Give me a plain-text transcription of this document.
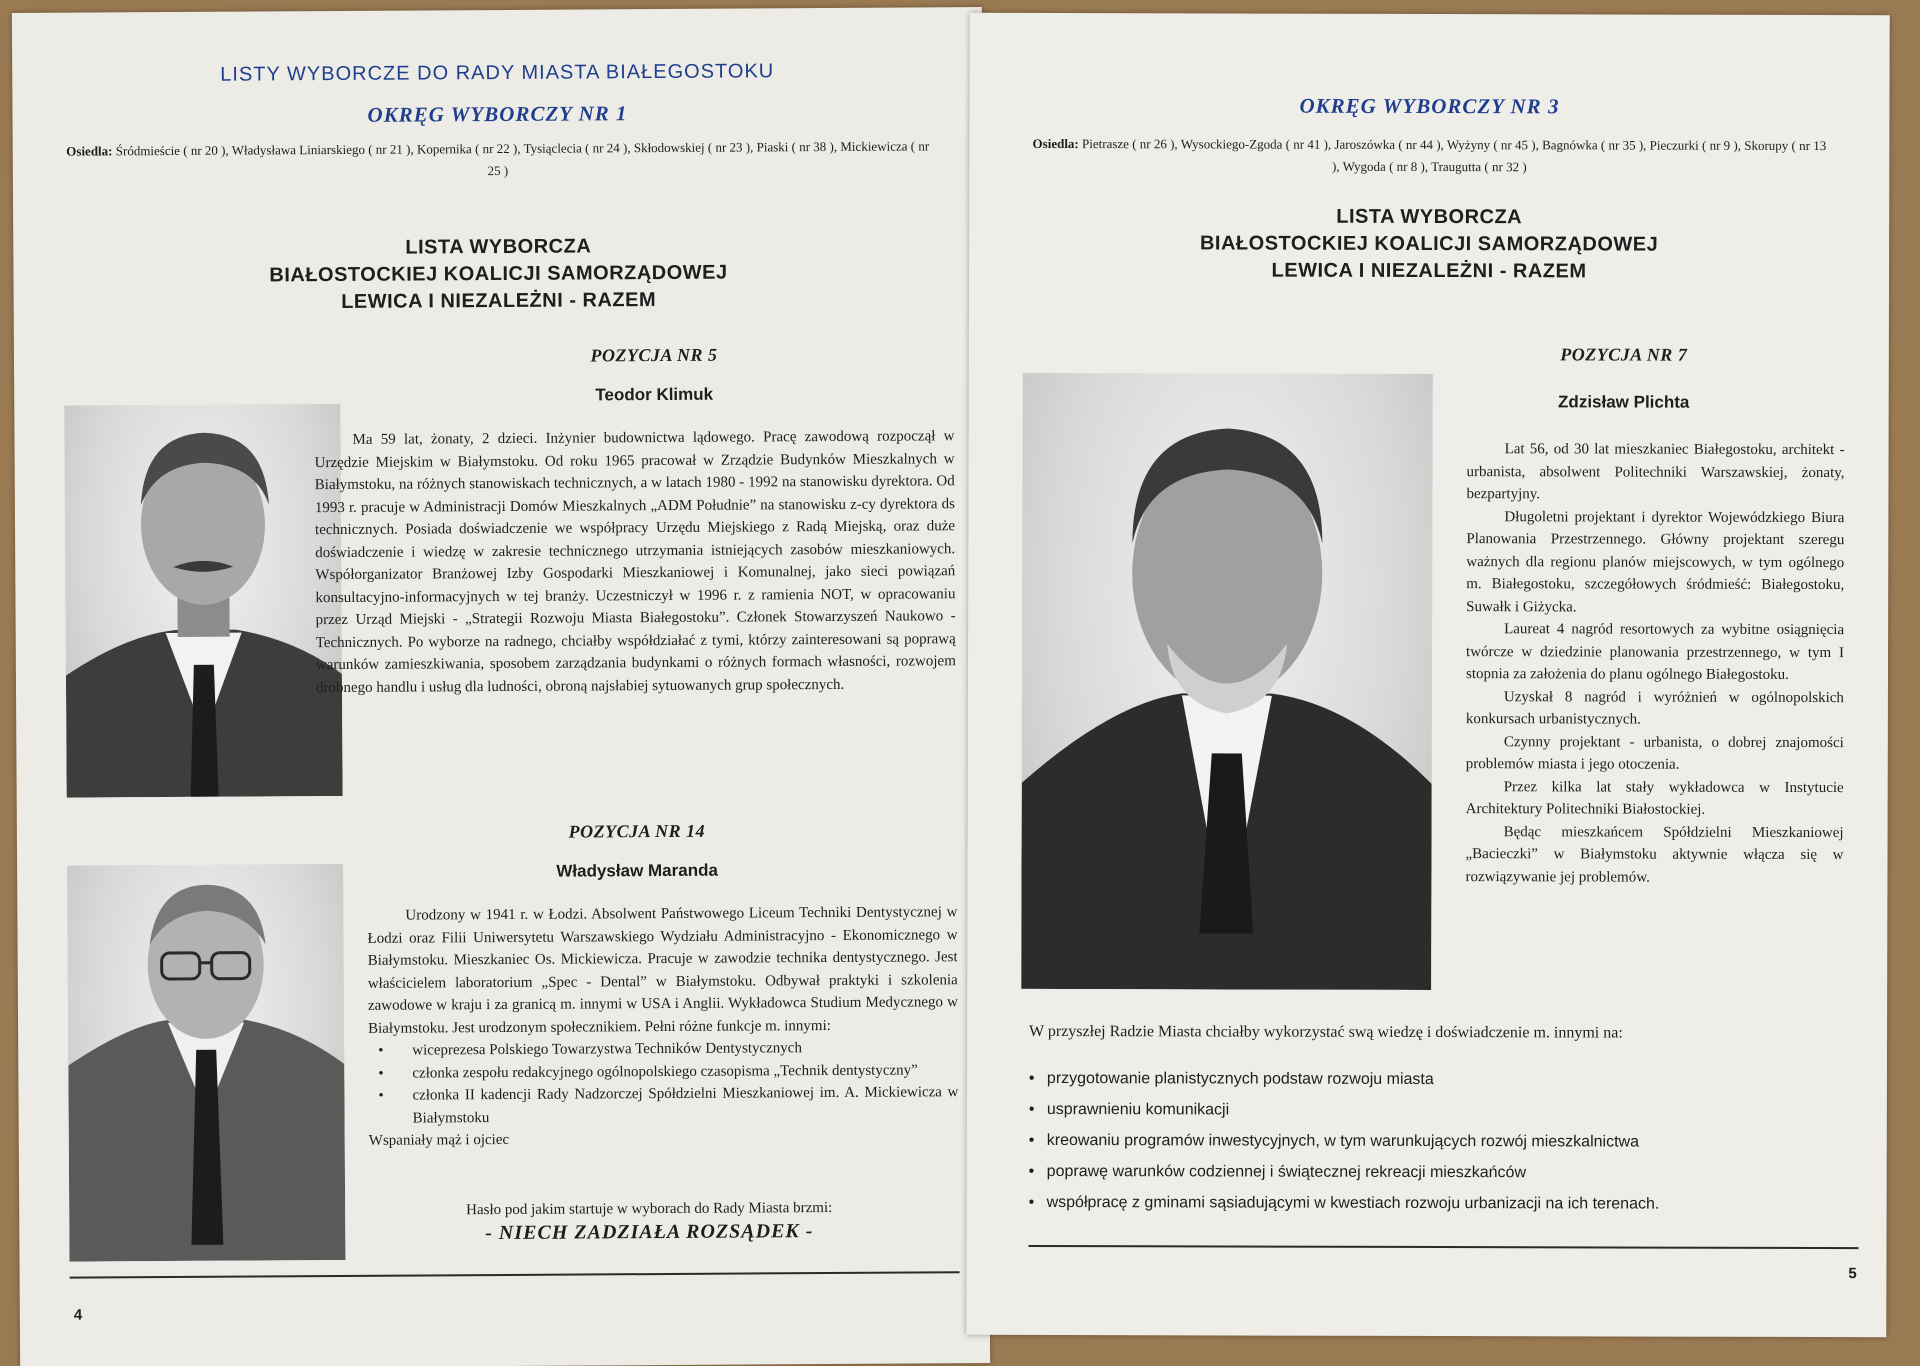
LISTY WYBORCZE DO RADY MIASTA BIAŁEGOSTOKU
OKRĘG WYBORCZY NR 1
Osiedla: Śródmieście ( nr 20 ), Władysława Liniarskiego ( nr 21 ), Kopernika ( nr 22 ), Tysiąclecia ( nr 24 ), Skłodowskiej ( nr 23 ), Piaski ( nr 38 ), Mickiewicza ( nr 25 )
LISTA WYBORCZA
BIAŁOSTOCKIEJ KOALICJI SAMORZĄDOWEJ
LEWICA I NIEZALEŻNI - RAZEM
POZYCJA NR 5
Teodor Klimuk

Ma 59 lat, żonaty, 2 dzieci. Inżynier budownictwa lądowego. Pracę zawodową rozpoczął w Urzędzie Miejskim w Białymstoku. Od roku 1965 pracował w Zrządzie Budynków Mieszkalnych w Białymstoku, na różnych stanowiskach technicznych, a w latach 1980 - 1992 na stanowisku dyrektora. Od 1993 r. pracuje w Administracji Domów Mieszkalnych „ADM Południe” na stanowisku z-cy dyrektora ds technicznych. Posiada doświadczenie we współpracy Urzędu Miejskiego z Radą Miejską, oraz duże doświadczenie i wiedzę w zakresie technicznego utrzymania istniejących zasobów mieszkaniowych. Współorganizator Branżowej Izby Gospodarki Mieszkaniowej i Komunalnej, jako sieci powiązań konsultacyjno-informacyjnych w tej branży. Uczestniczył w 1996 r. z ramienia NOT, w opracowaniu przez Urząd Miejski - „Strategii Rozwoju Miasta Białegostoku”. Członek Stowarzyszeń Naukowo - Technicznych. Po wyborze na radnego, chciałby współdziałać z tymi, którzy zainteresowani są poprawą warunków zamieszkiwania, sposobem zarządzania budynkami o różnych formach własności, rozwojem drobnego handlu i usług dla ludności, obroną najsłabiej sytuowanych grup społecznych.

POZYCJA NR 14
Władysław Maranda

Urodzony w 1941 r. w Łodzi. Absolwent Państwowego Liceum Techniki Dentystycznej w Łodzi oraz Filii Uniwersytetu Warszawskiego Wydziału Administracyjno - Ekonomicznego w Białymstoku. Mieszkaniec Os. Mickiewicza. Pracuje w zawodzie technika dentystycznego. Jest właścicielem laboratorium „Spec - Dental” w Białymstoku. Odbywał praktyki i szkolenia zawodowe w kraju i za granicą m. innymi w USA i Anglii. Wykładowca Studium Medycznego w Białymstoku. Jest urodzonym społecznikiem. Pełni różne funkcje m. innymi:

• wiceprezesa Polskiego Towarzystwa Techników Dentystycznych
• członka zespołu redakcyjnego ogólnopolskiego czasopisma „Technik dentystyczny”
• członka II kadencji Rady Nadzorczej Spółdzielni Mieszkaniowej im. A. Mickiewicza w Białymstoku
Wspaniały mąż i ojciec
Hasło pod jakim startuje w wyborach do Rady Miasta brzmi:
- NIECH ZADZIAŁA ROZSĄDEK -
4
OKRĘG WYBORCZY NR 3
Osiedla: Pietrasze ( nr 26 ), Wysockiego-Zgoda ( nr 41 ), Jaroszówka ( nr 44 ), Wyżyny ( nr 45 ), Bagnówka ( nr 35 ), Pieczurki ( nr 9 ), Skorupy ( nr 13 ), Wygoda ( nr 8 ), Traugutta ( nr 32 )
LISTA WYBORCZA
BIAŁOSTOCKIEJ KOALICJI SAMORZĄDOWEJ
LEWICA I NIEZALEŻNI - RAZEM
POZYCJA NR 7
Zdzisław Plichta

Lat 56, od 30 lat mieszkaniec Białegostoku, architekt - urbanista, absolwent Politechniki Warszawskiej, żonaty, bezpartyjny.

Długoletni projektant i dyrektor Wojewódzkiego Biura Planowania Przestrzennego. Główny projektant szeregu ważnych dla regionu planów miejscowych, w tym ogólnego m. Białegostoku, szczegółowych śródmieść: Białegostoku, Suwałk i Giżycka.

Laureat 4 nagród resortowych za wybitne osiągnięcia twórcze w dziedzinie planowania przestrzennego, w tym I stopnia za założenia do planu ogólnego Białegostoku.

Uzyskał 8 nagród i wyróżnień w ogólnopolskich konkursach urbanistycznych.

Czynny projektant - urbanista, o dobrej znajomości problemów miasta i jego otoczenia.

Przez kilka lat stały wykładowca w Instytucie Architektury Politechniki Białostockiej.

Będąc mieszkańcem Spółdzielni Mieszkaniowej „Bacieczki” w Białymstoku aktywnie włącza się w rozwiązywanie jej problemów.

W przyszłej Radzie Miasta chciałby wykorzystać swą wiedzę i doświadczenie m. innymi na:
• przygotowanie planistycznych podstaw rozwoju miasta
• usprawnieniu komunikacji
• kreowaniu programów inwestycyjnych, w tym warunkujących rozwój mieszkalnictwa
• poprawę warunków codziennej i świątecznej rekreacji mieszkańców
• współpracę z gminami sąsiadującymi w kwestiach rozwoju urbanizacji na ich terenach.
5
